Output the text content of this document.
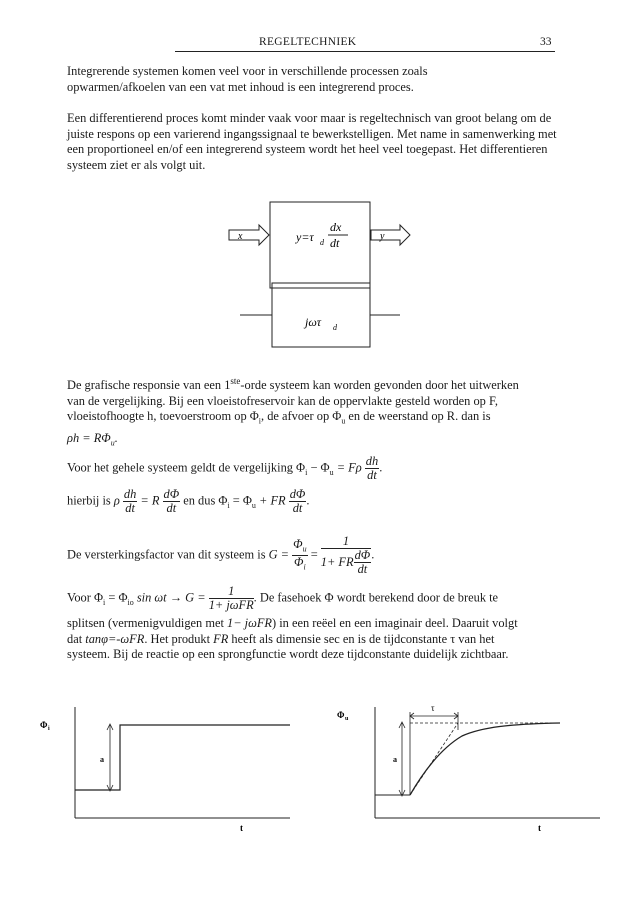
REGELTECHNIEK	33
Integrerende systemen komen veel voor in verschillende processen zoals opwarmen/afkoelen van een vat met inhoud is een integrerend proces.
Een differentierend proces komt minder vaak voor maar is regeltechnisch van groot belang om de juiste respons op een varierend ingangssignaal te bewerkstelligen. Met name in samenwerking met een proportioneel en/of een integrerend systeem wordt het heel veel toegepast. Het differentieren systeem ziet er als volgt uit.
x	y
y=τ d
dx
dt
jωτ d
De grafische responsie van een 1ste-orde systeem kan worden gevonden door het uitwerken
van de vergelijking. Bij een vloeistofreservoir kan de oppervlakte gesteld worden op F,
vloeistofhoogte h, toevoerstroom op $\Phi_i$, de afvoer op $\Phi_u$ en de weerstand op R. dan is
$\rho h = R\Phi_u$.
Voor het gehele systeem geldt de vergelijking $\Phi_i - \Phi_u = F\rho \frac{dh}{dt}$ .
hierbij is ρ $\frac{dh}{dt} = R \frac{d\Phi}{dt}$ en dus $\Phi_i = \Phi_u$ + FR $\frac{d\Phi}{dt}$ .
De versterkingsfactor van dit systeem is $G = \frac{\Phi_u}{\Phi_i} = \frac{1}{1+ FR \frac{d\Phi}{dt}}$ .
Voor $\Phi_i = \Phi_{io}$ $\sin \omega t \to G = \frac{1}{\text{1+ jωFR}}$ . De fasehoek Φ wordt berekend door de breuk te
splitsen (vermenigvuldigen met 1− jωFR) in een reëel en een imaginair deel. Daaruit volgt
dat tanφ=-ωFR. Het produkt FR heeft als dimensie sec en is de tijdconstante τ van het
systeem. Bij de reactie op een sprongfunctie wordt deze tijdconstante duidelijk zichtbaar.
Φ i
a
t
Φ u
τ
a
t
